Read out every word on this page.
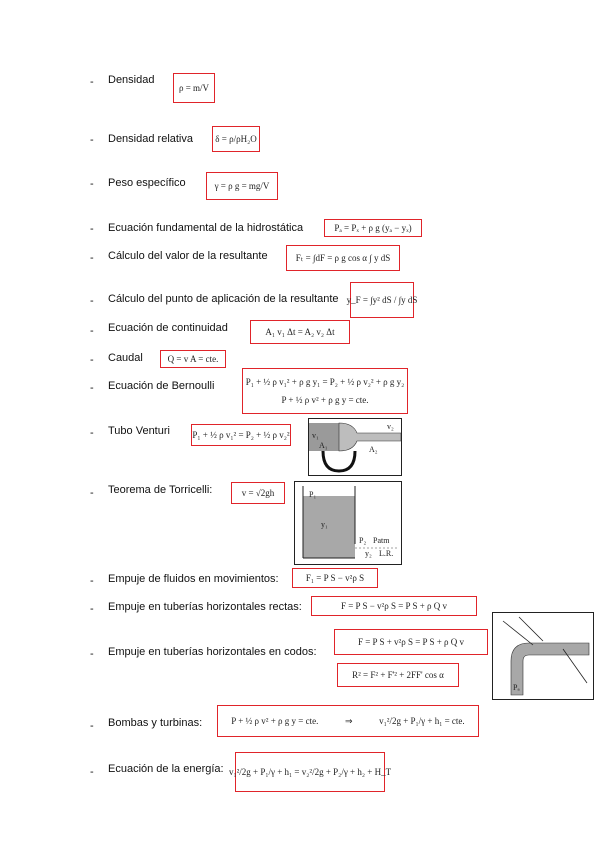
- Densidad
ρ = m/V
- Densidad relativa	δ = ρ/ρH₂O
- Peso específico	γ = ρ g = mg/V
- Ecuación fundamental de la hidrostática	Pₐ = Pₓ + ρ g (yₐ − yₓ)
- Cálculo del valor de la resultante	Fₜ = ∫dF = ρ g cos α ∫ y dS
- Cálculo del punto de aplicación de la resultante y_F = ∫y² dS / ∫y dS
- Ecuación de continuidad	A₁ v₁ Δt = A₂ v₂ Δt
- Caudal	Q = v A = cte.
- Ecuación de Bernoulli	P₁ + ½ ρ v₁² + ρ g y₁ = P₂ + ½ ρ v₂² + ρ g y₂
P + ½ ρ v² + ρ g y = cte.
- Tubo Venturi P₁ + ½ ρ v₁² = P₂ + ½ ρ v₂²	v₁
v₂
A₁	A₂
- Teorema de Torricelli:	v = √2gh	P₁
y₁
P₂ Patm
y₂ L.R.
- Empuje de fluidos en movimientos:	F₁ = P S − v²ρ S
- Empuje en tuberías horizontales rectas:	F = P S − v²ρ S = P S + ρ Q v
- Empuje en tuberías horizontales en codos:
F = P S + v²ρ S = P S + ρ Q v
R² = F² + F'² + 2FF' cos α
Pₐ
- Bombas y turbinas:	P + ½ ρ v² + ρ g y = cte.	⇒	v₁²/2g + P₁/γ + h₁ = cte.
- Ecuación de la energía: v₁²/2g + P₁/γ + h₁ = v₂²/2g + P₂/γ + h₂ + H_T
